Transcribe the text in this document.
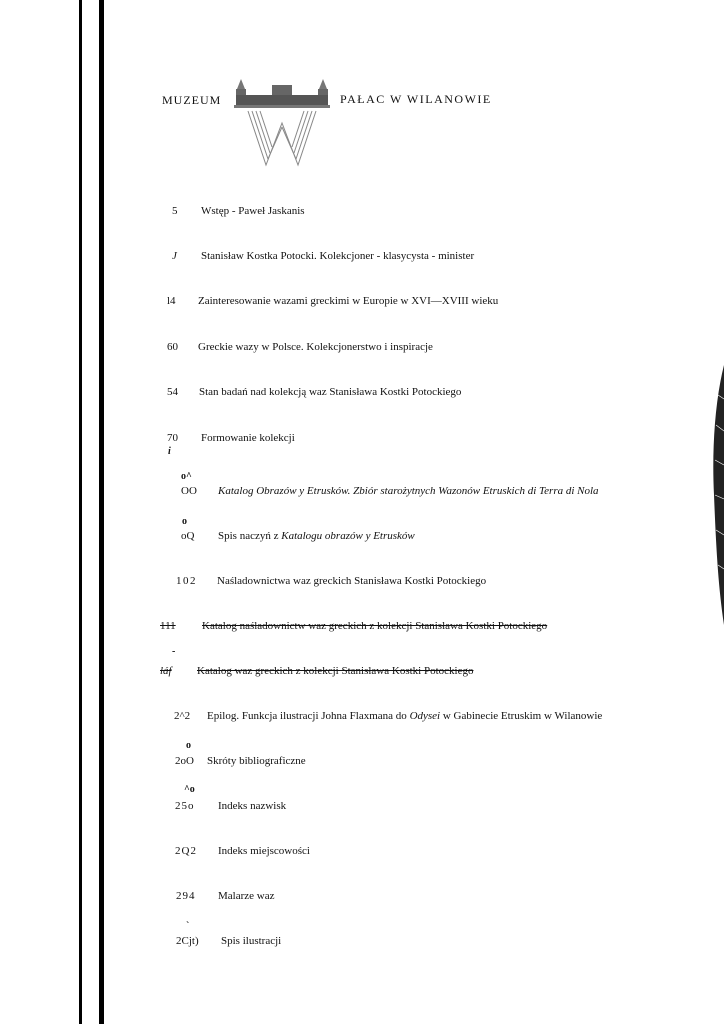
MUZEUM	PAŁAC W WILANOWIE
5 Wstęp - Paweł Jaskanis
J Stanisław Kostka Potocki. Kolekcjoner - klasycysta - minister
l4 Zainteresowanie wazami greckimi w Europie w XVI—XVIII wieku
60 Greckie wazy w Polsce. Kolekcjonerstwo i inspiracje
54 Stan badań nad kolekcją waz Stanisława Kostki Potockiego
70 Formowanie kolekcji
i
o^
OO Katalog Obrazów y Etrusków. Zbiór starożytnych Wazonów Etruskich di Terra di Nola
o
oQ Spis naczyń z Katalogu obrazów y Etrusków
102 Naśladownictwa waz greckich Stanisława Kostki Potockiego
111 Katalog naśladownictw waz greckich z kolekcji Stanisława Kostki Potockiego
-
láf Katalog waz greckich z kolekcji Stanisława Kostki Potockiego
2^2 Epilog. Funkcja ilustracji Johna Flaxmana do Odysei w Gabinecie Etruskim w Wilanowie
o
2oO Skróty bibliograficzne
^o
25o Indeks nazwisk
2Q2 Indeks miejscowości
294 Malarze waz
`
2Cjt) Spis ilustracji
